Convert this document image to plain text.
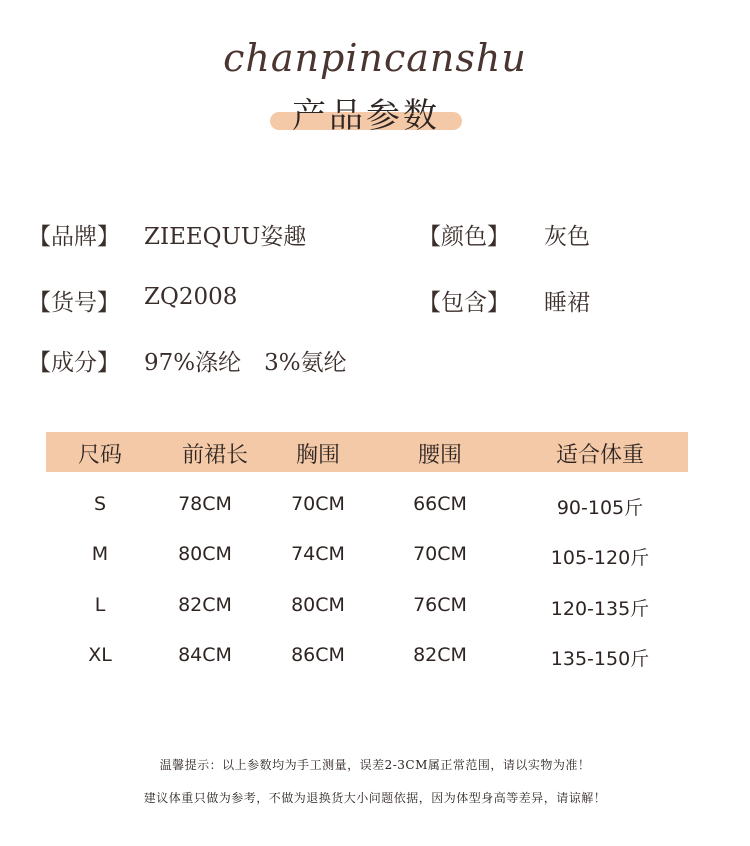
chanpincanshu
产品参数
【品牌】 ZIEEQUU姿趣	【颜色】 灰色
【货号】 ZQ2008	【包含】 睡裙
【成分】 97%涤纶　3%氨纶
尺码	前裙长	胸围	腰围	适合体重
S	78CM	70CM	66CM	90-105斤
M	80CM	74CM	70CM	105-120斤
L	82CM	80CM	76CM	120-135斤
XL	84CM	86CM	82CM	135-150斤
温馨提示：以上参数均为手工测量，误差2-3CM属正常范围，请以实物为准！
建议体重只做为参考，不做为退换货大小问题依据，因为体型身高等差异，请谅解！
